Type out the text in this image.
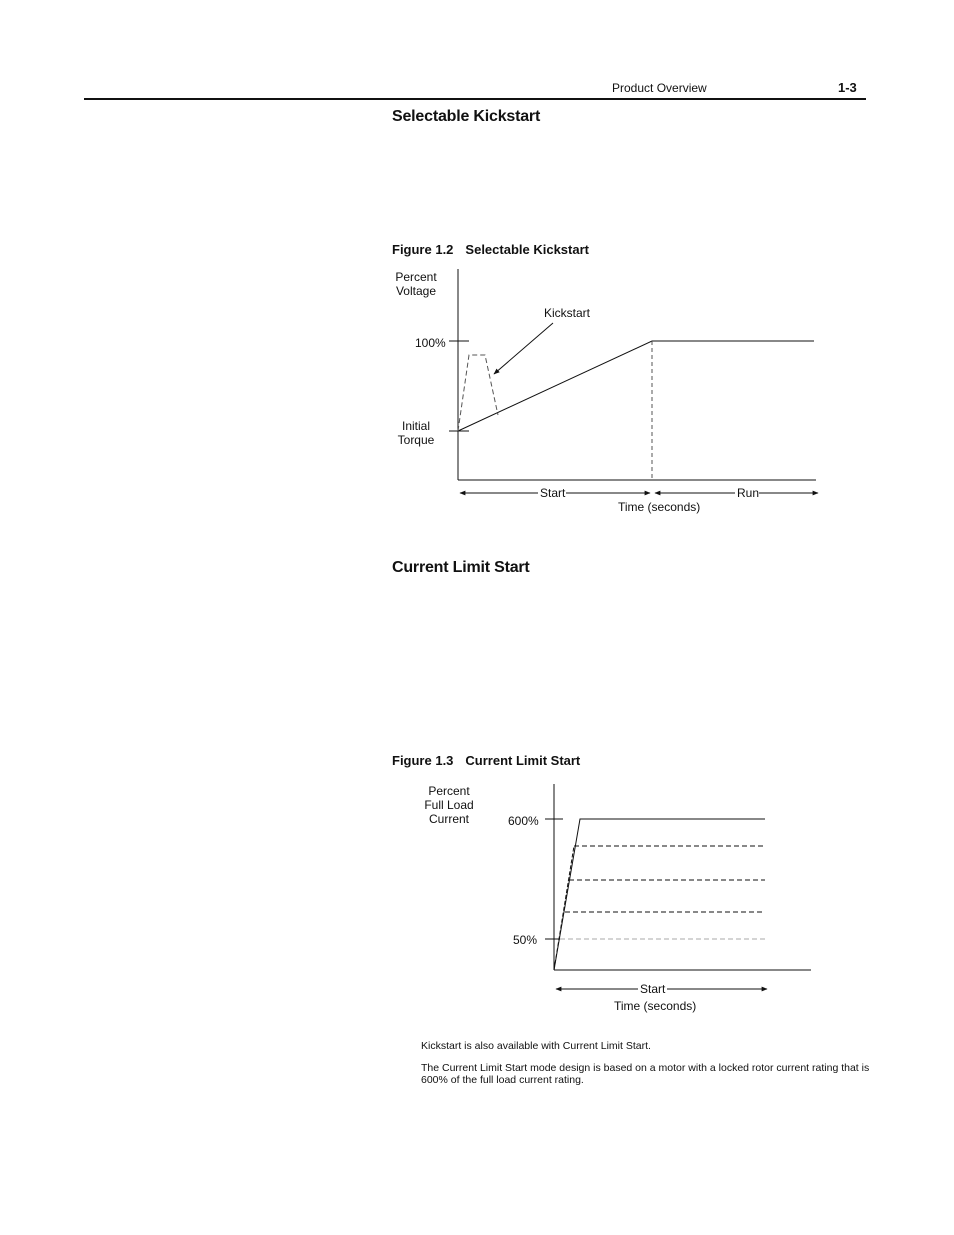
Product Overview	1-3
Selectable Kickstart
Figure 1.2 Selectable Kickstart
Percent
Voltage
100%
Initial
Torque
Kickstart
Start	Run
Time (seconds)
Current Limit Start
Figure 1.3 Current Limit Start
Percent
Full Load
Current	600%
50%
Start
Time (seconds)
Kickstart is also available with Current Limit Start.
The Current Limit Start mode design is based on a motor with a locked rotor current rating that is 600% of the full load current rating.
